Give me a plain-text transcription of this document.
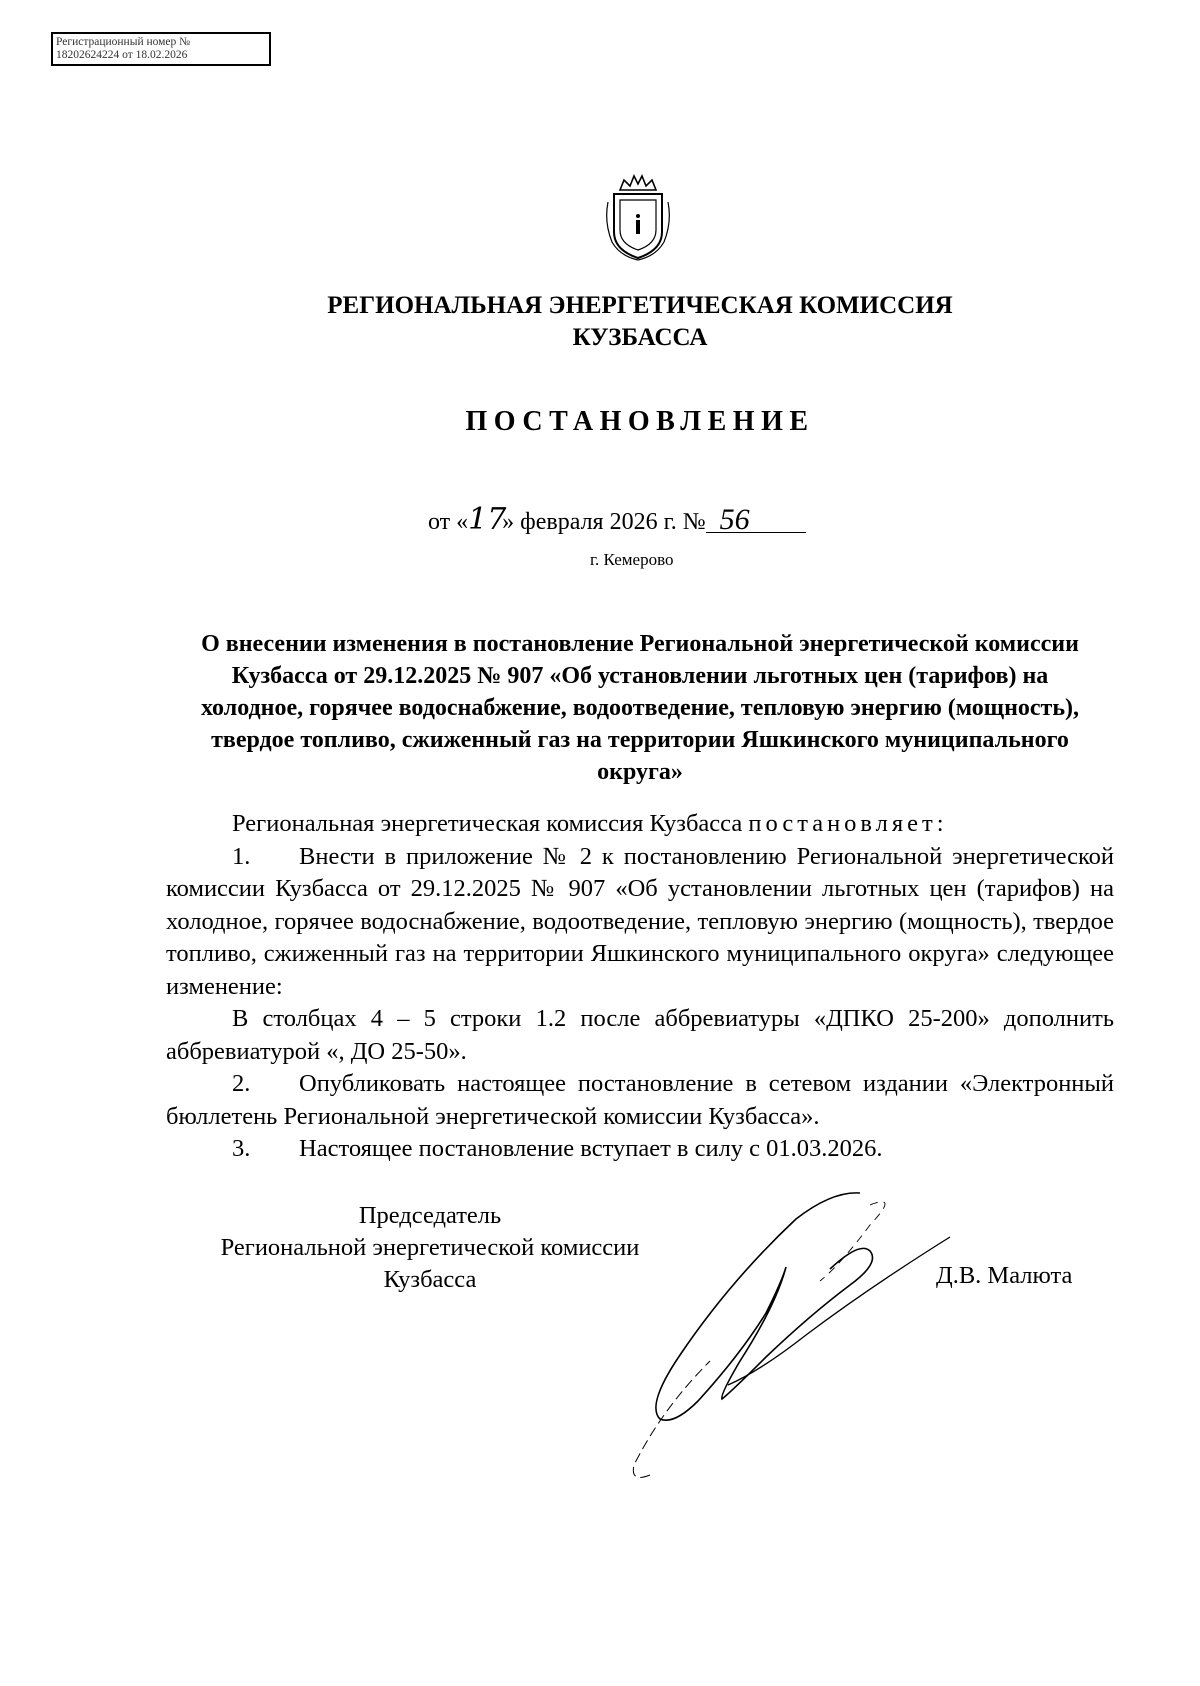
Регистрационный номер №
18202624224 от 18.02.2026
РЕГИОНАЛЬНАЯ ЭНЕРГЕТИЧЕСКАЯ КОМИССИЯ
КУЗБАССА
ПОСТАНОВЛЕНИЕ
от «17» февраля 2026 г. № 56
г. Кемерово
О внесении изменения в постановление Региональной энергетической комиссии Кузбасса от 29.12.2025 № 907 «Об установлении льготных цен (тарифов) на холодное, горячее водоснабжение, водоотведение, тепловую энергию (мощность), твердое топливо, сжиженный газ на территории Яшкинского муниципального округа»

Региональная энергетическая комиссия Кузбасса постановляет:

1. Внести в приложение № 2 к постановлению Региональной энергетической комиссии Кузбасса от 29.12.2025 № 907 «Об установлении льготных цен (тарифов) на холодное, горячее водоснабжение, водоотведение, тепловую энергию (мощность), твердое топливо, сжиженный газ на территории Яшкинского муниципального округа» следующее изменение:

В столбцах 4 – 5 строки 1.2 после аббревиатуры «ДПКО 25-200» дополнить аббревиатурой «, ДО 25-50».

2. Опубликовать настоящее постановление в сетевом издании «Электронный бюллетень Региональной энергетической комиссии Кузбасса».

3. Настоящее постановление вступает в силу с 01.03.2026.

Председатель
Региональной энергетической комиссии
Кузбасса	Д.В. Малюта
